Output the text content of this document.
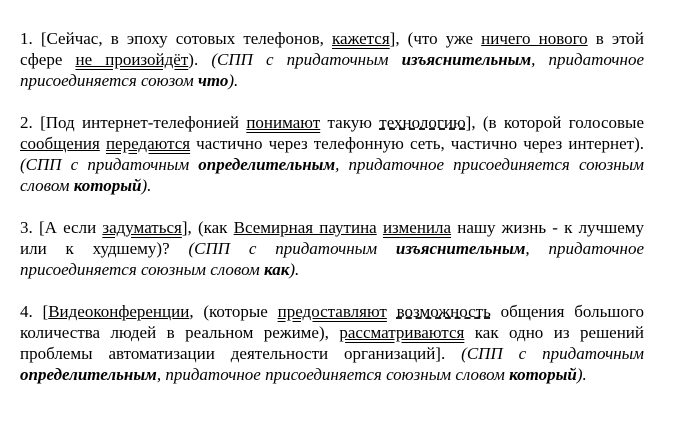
1. [Сейчас, в эпоху сотовых телефонов, кажется], (что уже ничего нового в этой сфере не произойдёт). (СПП с придаточным изъяснительным, придаточное присоединяется союзом что).

2. [Под интернет-телефонией понимают такую технологию], (в которой голосовые сообщения передаются частично через телефонную сеть, частично через интернет). (СПП с придаточным определительным, придаточное присоединяется союзным словом который).

3. [А если задуматься], (как Всемирная паутина изменила нашу жизнь - к лучшему или к худшему)? (СПП с придаточным изъяснительным, придаточное присоединяется союзным словом как).

4. [Видеоконференции, (которые предоставляют возможность общения большого количества людей в реальном режиме), рассматриваются как одно из решений проблемы автоматизации деятельности организаций]. (СПП с придаточным определительным, придаточное присоединяется союзным словом который).
